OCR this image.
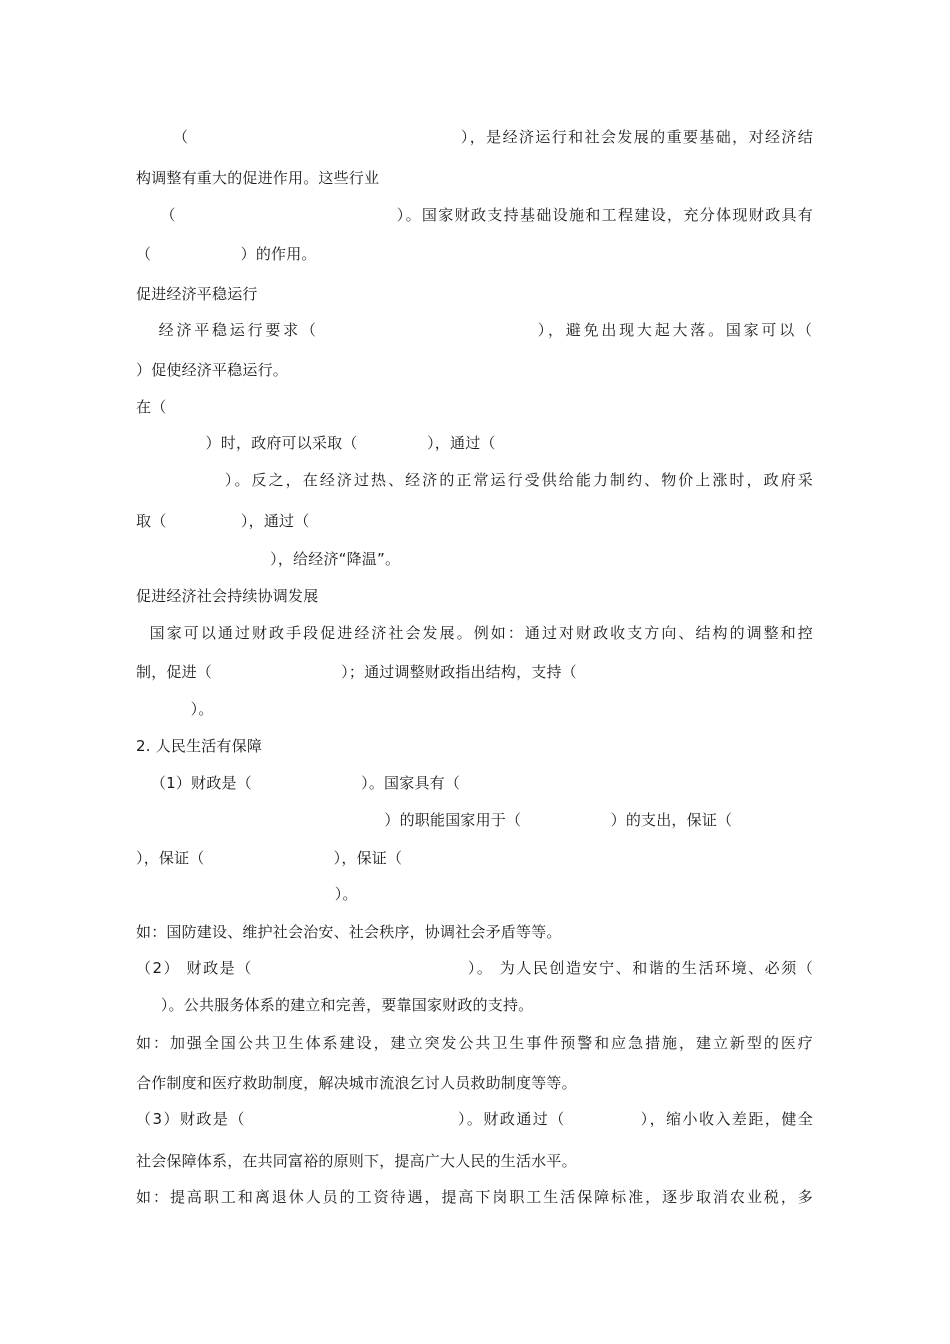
（                                            ），是经济运行和社会发展的重要基础，对经济结
构调整有重大的促进作用。这些行业
（                                    ）。国家财政支持基础设施和工程建设，充分体现财政具有
（                  ）的作用。
促进经济平稳运行
经济平稳运行要求（                             ），避免出现大起大落。国家可以（
）促使经济平稳运行。
在（
）时，政府可以采取（              ），通过（
）。反之，在经济过热、经济的正常运行受供给能力制约、物价上涨时，政府采
取（               ），通过（
），给经济“降温”。
促进经济社会持续协调发展
国家可以通过财政手段促进经济社会发展。例如：通过对财政收支方向、结构的调整和控
制，促进（                          ）；通过调整财政指出结构，支持（
）。
2. 人民生活有保障
（1）财政是（                      ）。国家具有（
）的职能国家用于（                  ）的支出，保证（
），保证（                          ），保证（
）。
如：国防建设、维护社会治安、社会秩序，协调社会矛盾等等。
（2） 财政是（                                  ）。 为人民创造安宁、和谐的生活环境、必须（
）。公共服务体系的建立和完善，要靠国家财政的支持。
如：加强全国公共卫生体系建设，建立突发公共卫生事件预警和应急措施，建立新型的医疗
合作制度和医疗救助制度，解决城市流浪乞讨人员救助制度等等。
（3）财政是（                                  ）。财政通过（            ），缩小收入差距，健全
社会保障体系，在共同富裕的原则下，提高广大人民的生活水平。
如：提高职工和离退休人员的工资待遇，提高下岗职工生活保障标准，逐步取消农业税，多
